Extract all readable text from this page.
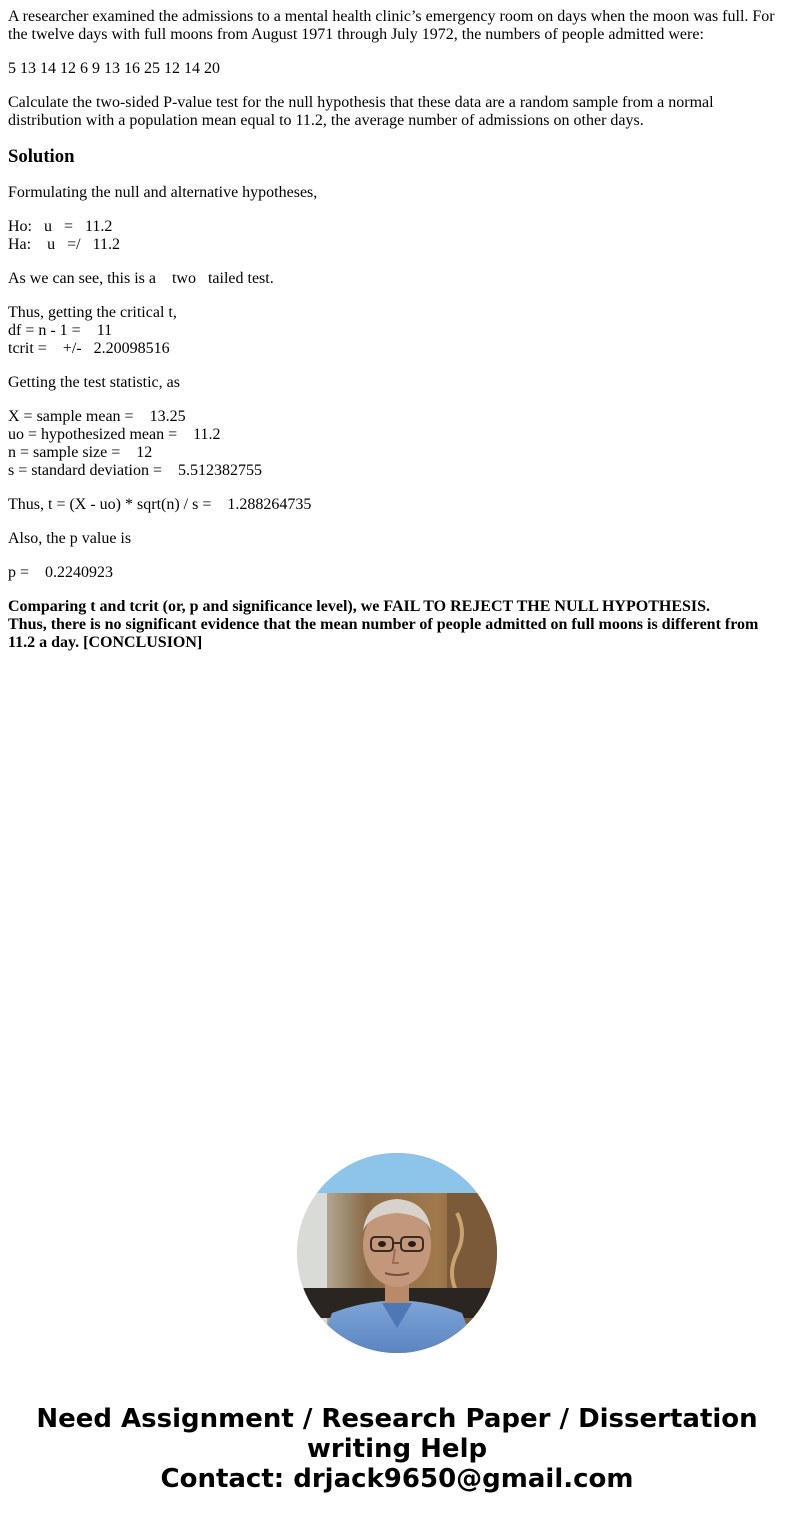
A researcher examined the admissions to a mental health clinic’s emergency room on days when the moon was full. For the twelve days with full moons from August 1971 through July 1972, the numbers of people admitted were:

5 13 14 12 6 9 13 16 25 12 14 20

Calculate the two-sided P-value test for the null hypothesis that these data are a random sample from a normal distribution with a population mean equal to 11.2, the average number of admissions on other days.

Solution

Formulating the null and alternative hypotheses,

Ho:   u   =   11.2
Ha:    u   =/   11.2

As we can see, this is a    two   tailed test.

Thus, getting the critical t,
df = n - 1 =    11
tcrit =    +/-   2.20098516

Getting the test statistic, as

X = sample mean =    13.25
uo = hypothesized mean =    11.2
n = sample size =    12
s = standard deviation =    5.512382755

Thus, t = (X - uo) * sqrt(n) / s =    1.288264735

Also, the p value is

p =    0.2240923

Comparing t and tcrit (or, p and significance level), we FAIL TO REJECT THE NULL HYPOTHESIS.
Thus, there is no significant evidence that the mean number of people admitted on full moons is different from 11.2 a day. [CONCLUSION]

Need Assignment / Research Paper / Dissertation
writing Help
Contact: drjack9650@gmail.com
